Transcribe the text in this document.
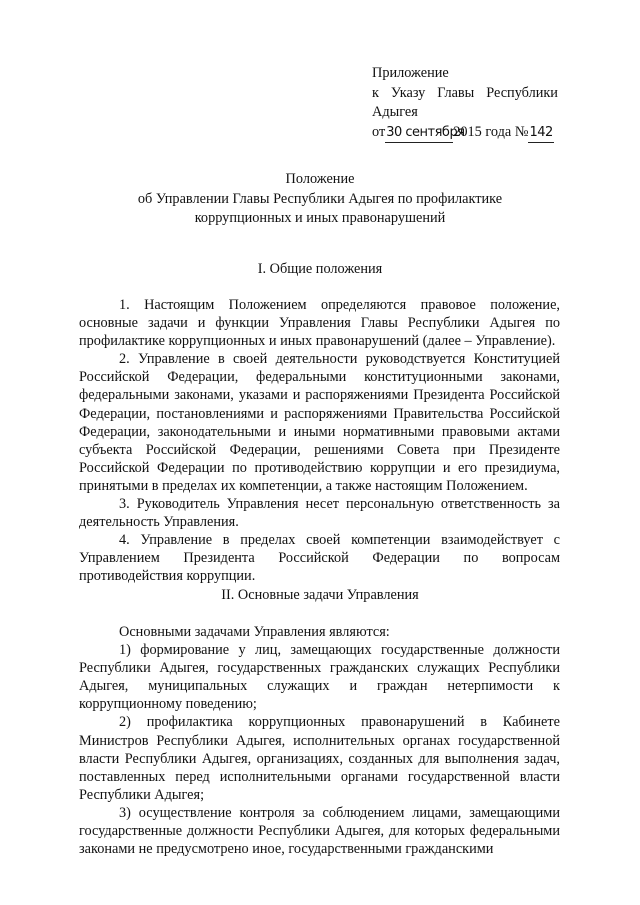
Приложение
к Указу Главы Республики
Адыгея
от30 сентября2015 года №142
Положение
об Управлении Главы Республики Адыгея по профилактике
коррупционных и иных правонарушений
I. Общие положения

1. Настоящим Положением определяются правовое положение, основные задачи и функции Управления Главы Республики Адыгея по профилактике коррупционных и иных правонарушений (далее – Управление).

2. Управление в своей деятельности руководствуется Конституцией Российской Федерации, федеральными конституционными законами, федеральными законами, указами и распоряжениями Президента Российской Федерации, постановлениями и распоряжениями Правительства Российской Федерации, законодательными и иными нормативными правовыми актами субъекта Российской Федерации, решениями Совета при Президенте Российской Федерации по противодействию коррупции и его президиума, принятыми в пределах их компетенции, а также настоящим Положением.

3. Руководитель Управления несет персональную ответственность за деятельность Управления.

4. Управление в пределах своей компетенции взаимодействует с Управлением Президента Российской Федерации по вопросам противодействия коррупции.

II. Основные задачи Управления

Основными задачами Управления являются:

1) формирование у лиц, замещающих государственные должности Республики Адыгея, государственных гражданских служащих Республики Адыгея, муниципальных служащих и граждан нетерпимости к коррупционному поведению;

2) профилактика коррупционных правонарушений в Кабинете Министров Республики Адыгея, исполнительных органах государственной власти Республики Адыгея, организациях, созданных для выполнения задач, поставленных перед исполнительными органами государственной власти Республики Адыгея;

3) осуществление контроля за соблюдением лицами, замещающими государственные должности Республики Адыгея, для которых федеральными законами не предусмотрено иное, государственными гражданскими
